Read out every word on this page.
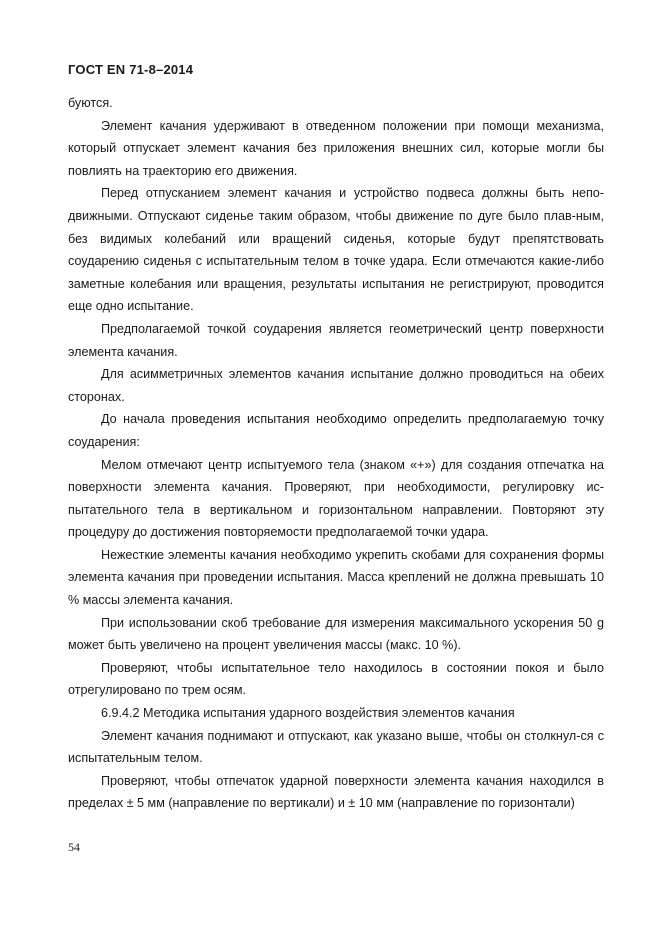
ГОСТ EN 71-8–2014

буются.

Элемент качания удерживают в отведенном положении при помощи механизма, который отпускает элемент качания без приложения внешних сил, которые могли бы повлиять на траекторию его движения.

Перед отпусканием элемент качания и устройство подвеса должны быть непо-движными. Отпускают сиденье таким образом, чтобы движение по дуге было плав-ным, без видимых колебаний или вращений сиденья, которые будут препятствовать соударению сиденья с испытательным телом в точке удара. Если отмечаются какие-либо заметные колебания или вращения, результаты испытания не регистрируют, проводится еще одно испытание.

Предполагаемой точкой соударения является геометрический центр поверхности элемента качания.

Для асимметричных элементов качания испытание должно проводиться на обеих сторонах.

До начала проведения испытания необходимо определить предполагаемую точку соударения:

Мелом отмечают центр испытуемого тела (знаком «+») для создания отпечатка на поверхности элемента качания. Проверяют, при необходимости, регулировку ис-пытательного тела в вертикальном и горизонтальном направлении. Повторяют эту процедуру до достижения повторяемости предполагаемой точки удара.

Нежесткие элементы качания необходимо укрепить скобами для сохранения формы элемента качания при проведении испытания. Масса креплений не должна превышать 10 % массы элемента качания.

При использовании скоб требование для измерения максимального ускорения 50 g может быть увеличено на процент увеличения массы (макс. 10 %).

Проверяют, чтобы испытательное тело находилось в состоянии покоя и было отрегулировано по трем осям.

6.9.4.2 Методика испытания ударного воздействия элементов качания

Элемент качания поднимают и отпускают, как указано выше, чтобы он столкнул-ся с испытательным телом.

Проверяют, чтобы отпечаток ударной поверхности элемента качания находился в пределах ± 5 мм (направление по вертикали) и ± 10 мм (направление по горизонтали)

54
